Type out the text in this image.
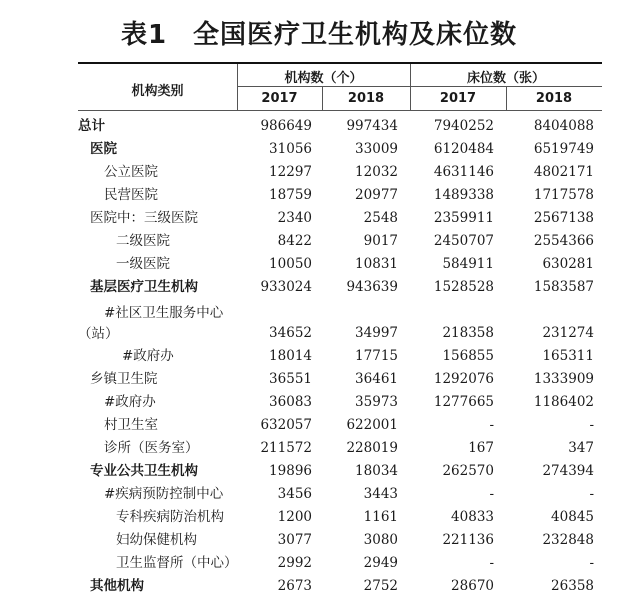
表1 全国医疗卫生机构及床位数
机构类别
机构数（个）	床位数（张）
2017	2018	2017	2018
总计	986649	997434	7940252	8404088
医院	31056	33009	6120484	6519749
公立医院	12297	12032	4631146	4802171
民营医院	18759	20977	1489338	1717578
医院中：三级医院	2340	2548	2359911	2567138
二级医院	8422	9017	2450707	2554366
一级医院	10050	10831	584911	630281
基层医疗卫生机构	933024	943639	1528528	1583587

#社区卫生服务中心
（站）	34652	34997	218358	231274
#政府办	18014	17715	156855	165311
乡镇卫生院	36551	36461	1292076	1333909
#政府办	36083	35973	1277665	1186402
村卫生室	632057	622001	-	-
诊所（医务室）	211572	228019	167	347
专业公共卫生机构	19896	18034	262570	274394
#疾病预防控制中心	3456	3443	-	-
专科疾病防治机构	1200	1161	40833	40845
妇幼保健机构	3077	3080	221136	232848
卫生监督所（中心）	2992	2949	-	-
其他机构	2673	2752	28670	26358
